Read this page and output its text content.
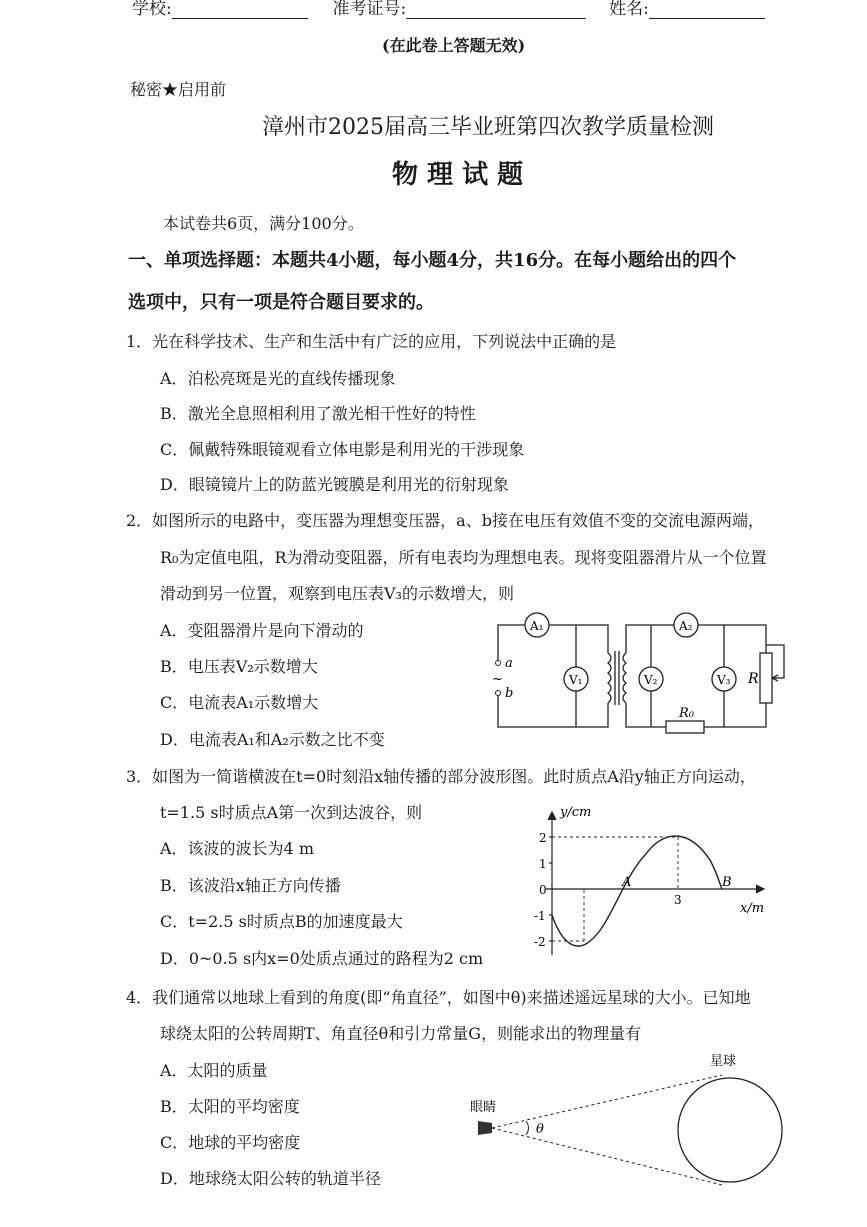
学校:	准考证号:	姓名:
(在此卷上答题无效)
秘密★启用前
漳州市2025届高三毕业班第四次教学质量检测
物 理 试 题
本试卷共6页，满分100分。
一、单项选择题：本题共4小题，每小题4分，共16分。在每小题给出的四个
选项中，只有一项是符合题目要求的。
1．光在科学技术、生产和生活中有广泛的应用，下列说法中正确的是
A．泊松亮斑是光的直线传播现象
B．激光全息照相利用了激光相干性好的特性
C．佩戴特殊眼镜观看立体电影是利用光的干涉现象
D．眼镜镜片上的防蓝光镀膜是利用光的衍射现象
2．如图所示的电路中，变压器为理想变压器，a、b接在电压有效值不变的交流电源两端，
R₀为定值电阻，R为滑动变阻器，所有电表均为理想电表。现将变阻器滑片从一个位置
滑动到另一位置，观察到电压表V₃的示数增大，则
A．变阻器滑片是向下滑动的
B．电压表V₂示数增大
C．电流表A₁示数增大
D．电流表A₁和A₂示数之比不变
A₁	A₂
V₁	V₂	V₃
a
b
~	R
R₀
3．如图为一简谐横波在t=0时刻沿x轴传播的部分波形图。此时质点A沿y轴正方向运动，
t=1.5 s时质点A第一次到达波谷，则
A．该波的波长为4 m
B．该波沿x轴正方向传播
C．t=2.5 s时质点B的加速度最大
D．0~0.5 s内x=0处质点通过的路程为2 cm
y/cm
x/m
2
1
0
-1
-2
3
A	B
4．我们通常以地球上看到的角度(即“角直径”，如图中θ)来描述遥远星球的大小。已知地
球绕太阳的公转周期T、角直径θ和引力常量G，则能求出的物理量有
A．太阳的质量
B．太阳的平均密度
C．地球的平均密度
D．地球绕太阳公转的轨道半径
眼睛
星球
θ
